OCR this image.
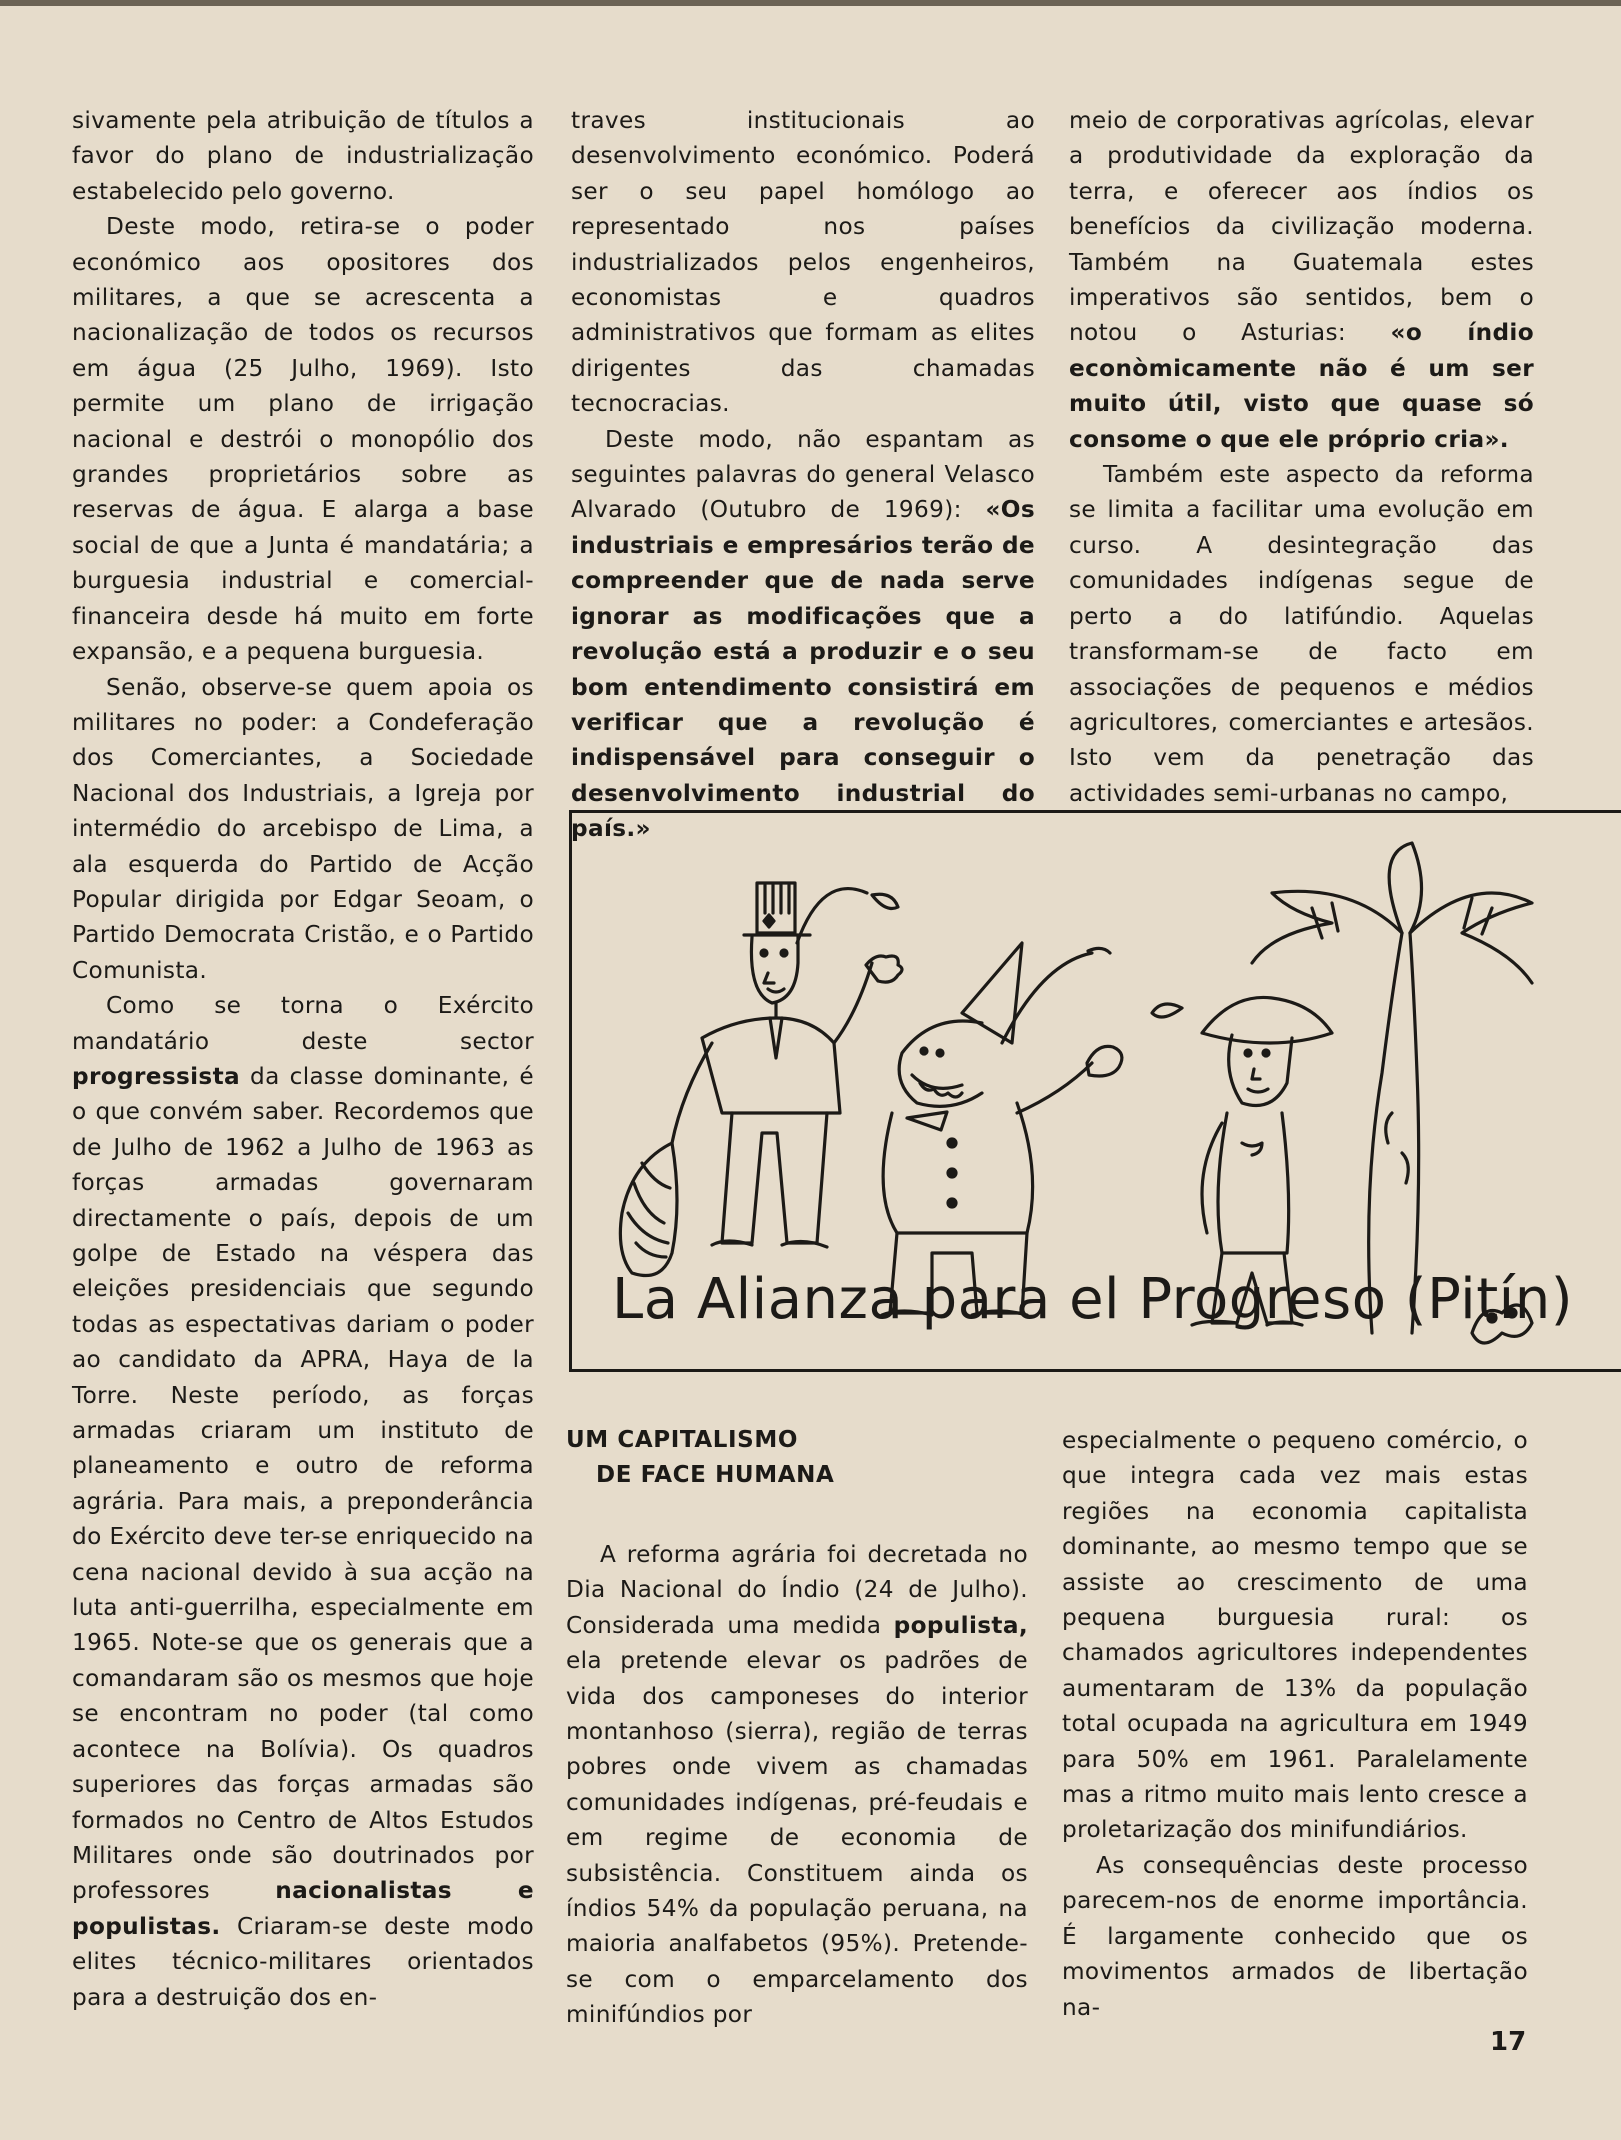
sivamente pela atribuição de títulos a favor do plano de industrialização estabelecido pelo governo.

Deste modo, retira-se o poder económico aos opositores dos militares, a que se acrescenta a nacionalização de todos os recursos em água (25 Julho, 1969). Isto permite um plano de irrigação nacional e destrói o monopólio dos grandes proprietários sobre as reservas de água. E alarga a base social de que a Junta é mandatária; a burguesia industrial e comercial-financeira desde há muito em forte expansão, e a pequena burguesia.

Senão, observe-se quem apoia os militares no poder: a Condeferação dos Comerciantes, a Sociedade Nacional dos Industriais, a Igreja por intermédio do arcebispo de Lima, a ala esquerda do Partido de Acção Popular dirigida por Edgar Seoam, o Partido Democrata Cristão, e o Partido Comunista.

Como se torna o Exército mandatário deste sector progressista da classe dominante, é o que convém saber. Recordemos que de Julho de 1962 a Julho de 1963 as forças armadas governaram directamente o país, depois de um golpe de Estado na véspera das eleições presidenciais que segundo todas as espectativas dariam o poder ao candidato da APRA, Haya de la Torre. Neste período, as forças armadas criaram um instituto de planeamento e outro de reforma agrária. Para mais, a preponderância do Exército deve ter-se enriquecido na cena nacional devido à sua acção na luta anti-guerrilha, especialmente em 1965. Note-se que os generais que a comandaram são os mesmos que hoje se encontram no poder (tal como acontece na Bolívia). Os quadros superiores das forças armadas são formados no Centro de Altos Estudos Militares onde são doutrinados por professores nacionalistas e populistas. Criaram-se deste modo elites técnico-militares orientados para a destruição dos en-

traves institucionais ao desenvolvimento económico. Poderá ser o seu papel homólogo ao representado nos países industrializados pelos engenheiros, economistas e quadros administrativos que formam as elites dirigentes das chamadas tecnocracias.

Deste modo, não espantam as seguintes palavras do general Velasco Alvarado (Outubro de 1969): «Os industriais e empresários terão de compreender que de nada serve ignorar as modificações que a revolução está a produzir e o seu bom entendimento consistirá em verificar que a revolução é indispensável para conseguir o desenvolvimento industrial do país.»

meio de corporativas agrícolas, elevar a produtividade da exploração da terra, e oferecer aos índios os benefícios da civilização moderna. Também na Guatemala estes imperativos são sentidos, bem o notou o Asturias: «o índio econòmicamente não é um ser muito útil, visto que quase só consome o que ele próprio cria».

Também este aspecto da reforma se limita a facilitar uma evolução em curso. A desintegração das comunidades indígenas segue de perto a do latifúndio. Aquelas transformam-se de facto em associações de pequenos e médios agricultores, comerciantes e artesãos. Isto vem da penetração das actividades semi-urbanas no campo,

La Alianza para el Progreso (Pitín)
UM CAPITALISMO
DE FACE HUMANA

A reforma agrária foi decretada no Dia Nacional do Índio (24 de Julho). Considerada uma medida populista, ela pretende elevar os padrões de vida dos camponeses do interior montanhoso (sierra), região de terras pobres onde vivem as chamadas comunidades indígenas, pré-feudais e em regime de economia de subsistência. Constituem ainda os índios 54% da população peruana, na maioria analfabetos (95%). Pretende-se com o emparcelamento dos minifúndios por

especialmente o pequeno comércio, o que integra cada vez mais estas regiões na economia capitalista dominante, ao mesmo tempo que se assiste ao crescimento de uma pequena burguesia rural: os chamados agricultores independentes aumentaram de 13% da população total ocupada na agricultura em 1949 para 50% em 1961. Paralelamente mas a ritmo muito mais lento cresce a proletarização dos minifundiários.

As consequências deste processo parecem-nos de enorme importância. É largamente conhecido que os movimentos armados de libertação na-

17
